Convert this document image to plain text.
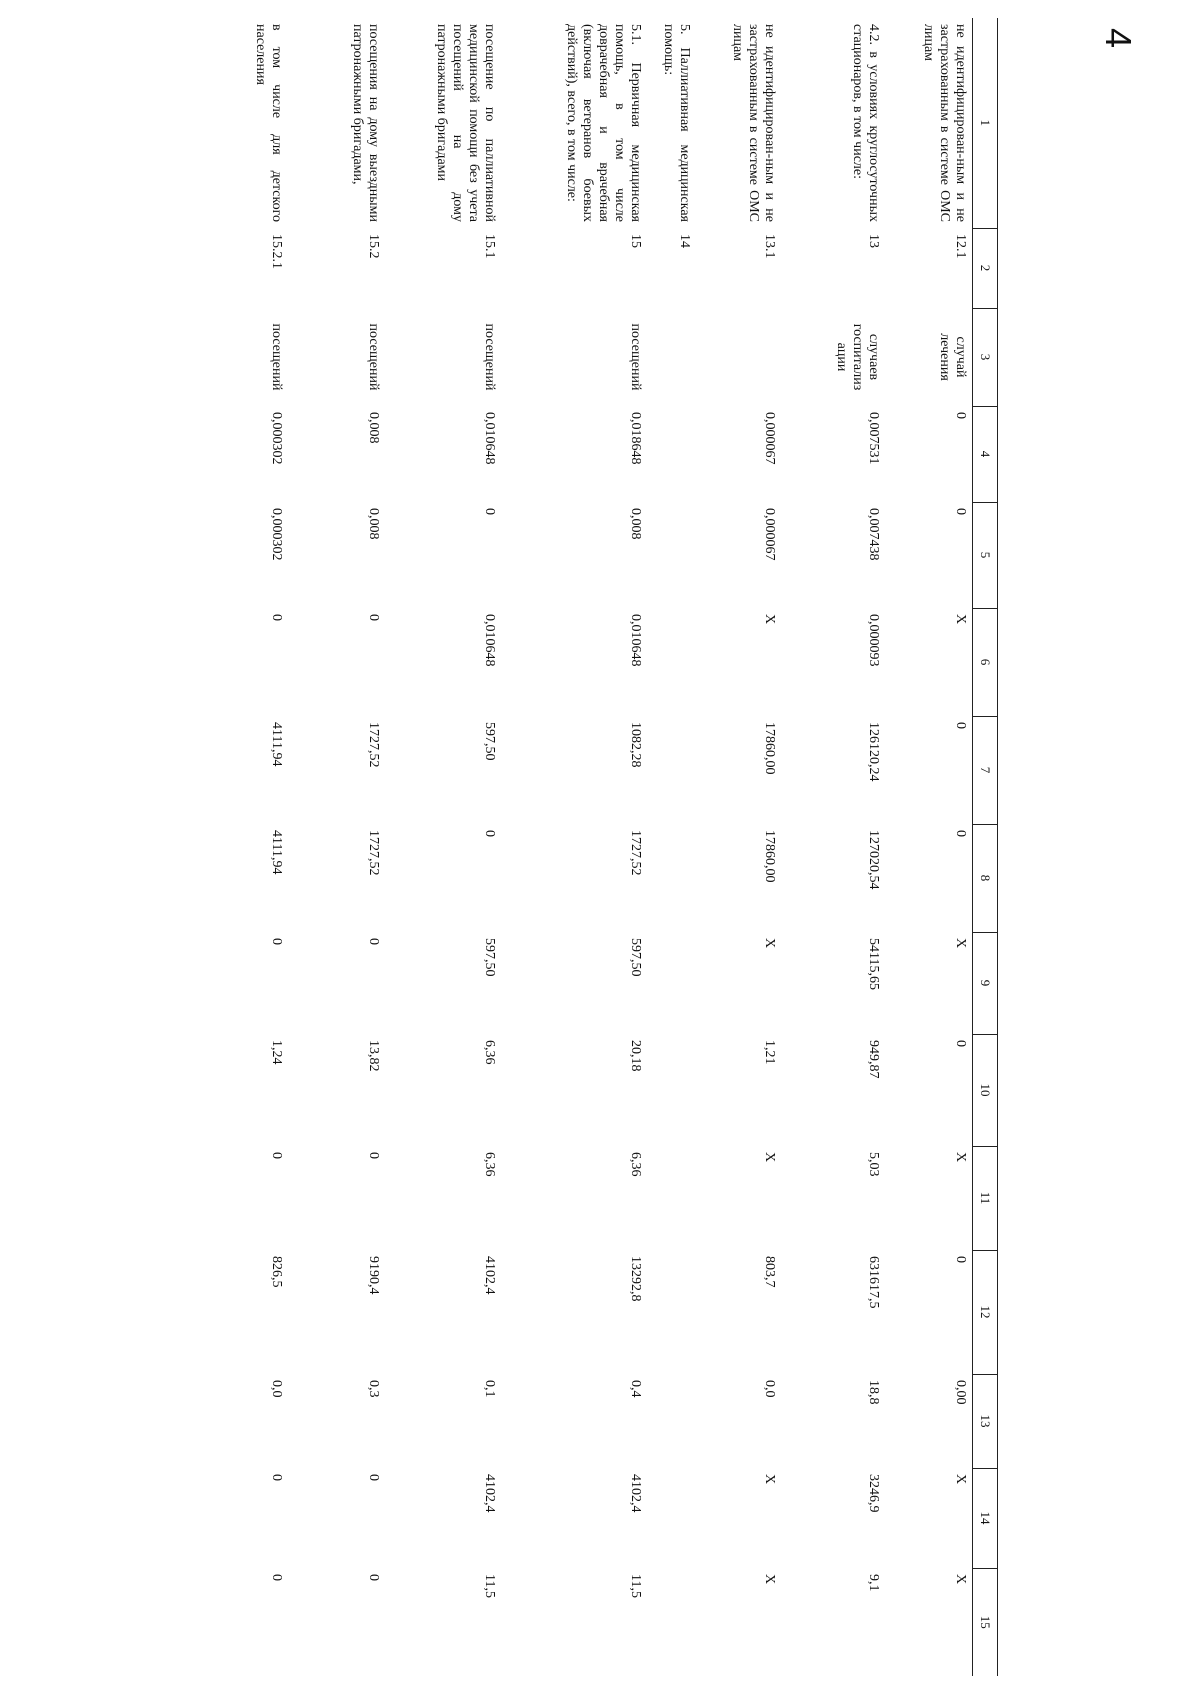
4
1	2	3	4	5	6	7	8	9	10	11	12	13	14	15
не идентифицирован-ным и не застрахованным в системе ОМС лицам	12.1	случай лечения	0	0	X	0	0	X	0	X	0	0,00	X	X
4.2. в условиях круглосуточных стационаров, в том числе:	13	случаев госпитализ ации	0,007531	0,007438	0,000093	126120,24	127020,54	54115,65	949,87	5,03	631617,5	18,8	3246,9	9,1
не идентифицирован-ным и не застрахованным в системе ОМС лицам	13.1		0,000067	0,000067	X	17860,00	17860,00	X	1,21	X	803,7	0,0	X	X
5. Паллиативная медицинская помощь:	14													
5.1. Первичная медицинская помощь, в том числе доврачебная и врачебная (включая ветеранов боевых действий), всего, в том числе:	15	посещений	0,018648	0,008	0,010648	1082,28	1727,52	597,50	20,18	6,36	13292,8	0,4	4102,4	11,5
посещение по паллиативной медицинской помощи без учета посещений на дому патронажными бригадами	15.1	посещений	0,010648	0	0,010648	597,50	0	597,50	6,36	6,36	4102,4	0,1	4102,4	11,5
посещения на дому выездными патронажными бригадами,	15.2	посещений	0,008	0,008	0	1727,52	1727,52	0	13,82	0	9190,4	0,3	0	0
в том числе для детского населения	15.2.1	посещений	0,000302	0,000302	0	4111,94	4111,94	0	1,24	0	826,5	0,0	0	0
